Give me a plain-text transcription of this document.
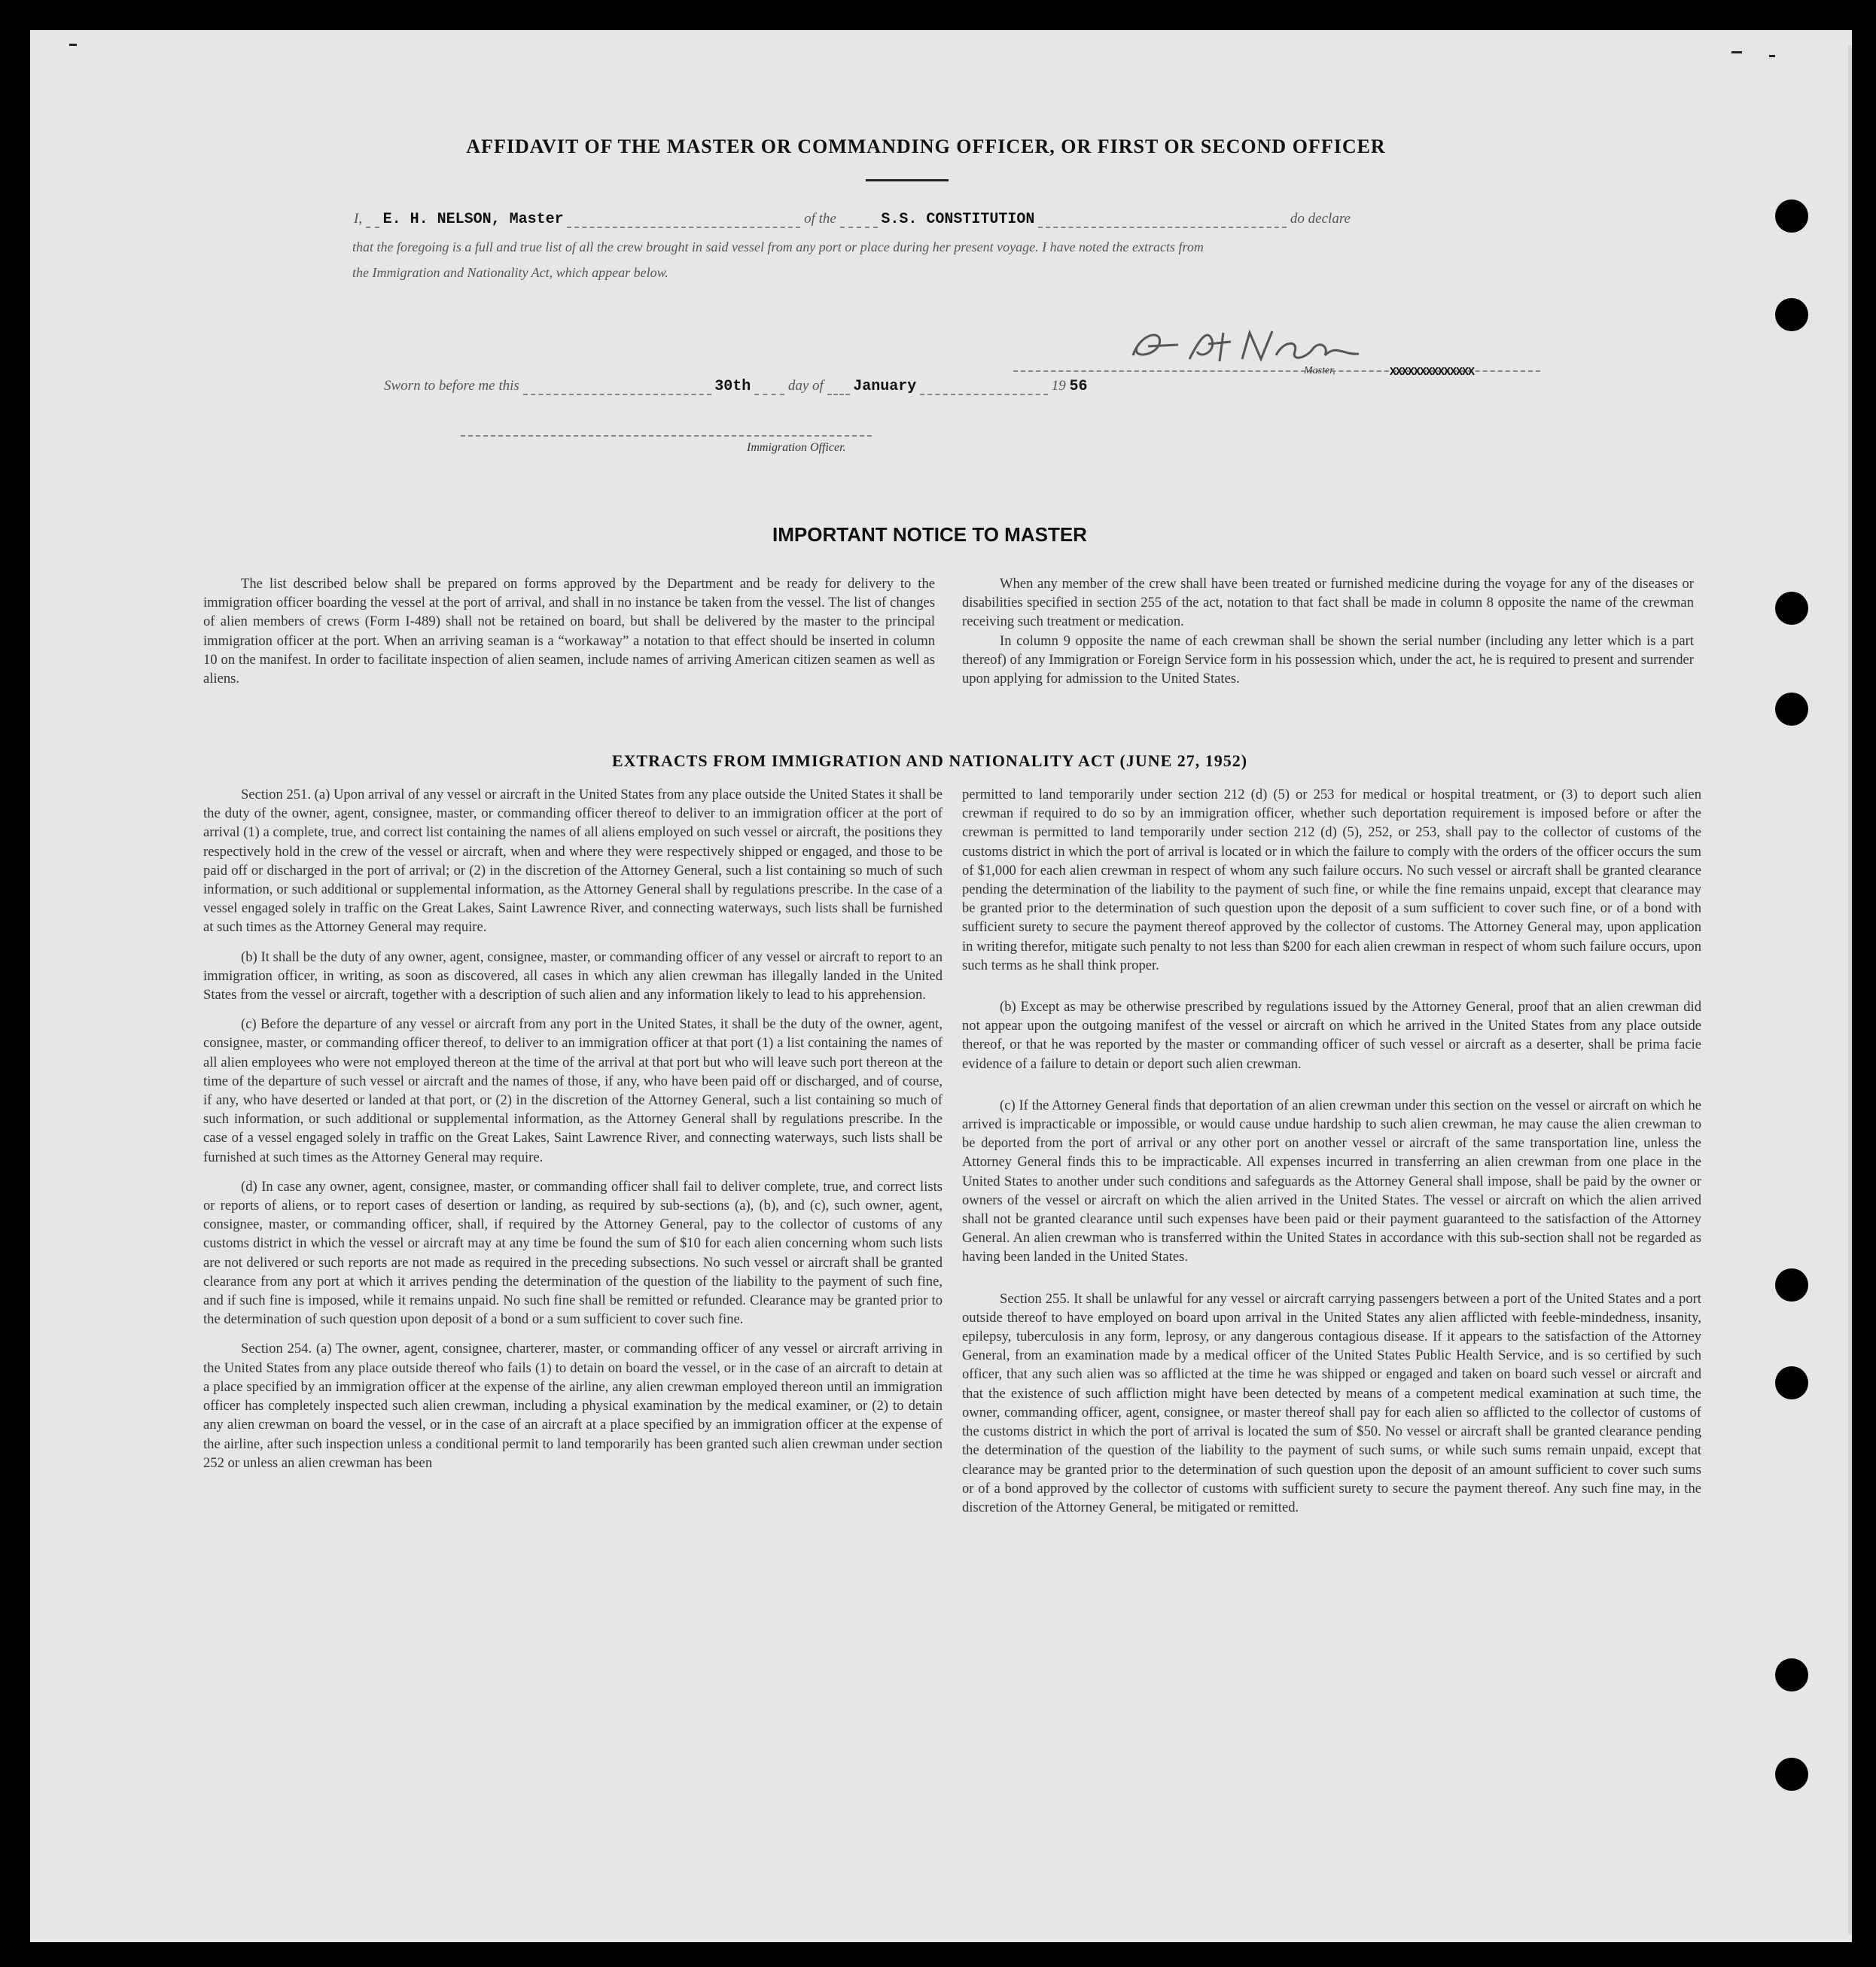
AFFIDAVIT OF THE MASTER OR COMMANDING OFFICER, OR FIRST OR SECOND OFFICER
I, E. H. NELSON, Master	of the	S.S. CONSTITUTION	do declare
that the foregoing is a full and true list of all the crew brought in said vessel from any port or place during her present voyage. I have noted the extracts from
the Immigration and Nationality Act, which appear below.
Master,	XXXXXXXXXXXXXX
Sworn to before me this	30th	day of January	19 56
Immigration Officer.
IMPORTANT NOTICE TO MASTER

The list described below shall be prepared on forms approved by the Department and be ready for delivery to the immigration officer boarding the vessel at the port of arrival, and shall in no instance be taken from the vessel. The list of changes of alien members of crews (Form I-489) shall not be retained on board, but shall be delivered by the master to the principal immigration officer at the port. When an arriving seaman is a “workaway” a notation to that effect should be inserted in column 10 on the manifest. In order to facilitate inspection of alien seamen, include names of arriving American citizen seamen as well as aliens.

When any member of the crew shall have been treated or furnished medicine during the voyage for any of the diseases or disabilities specified in section 255 of the act, notation to that fact shall be made in column 8 opposite the name of the crewman receiving such treatment or medication.

In column 9 opposite the name of each crewman shall be shown the serial number (including any letter which is a part thereof) of any Immigration or Foreign Service form in his possession which, under the act, he is required to present and surrender upon applying for admission to the United States.

EXTRACTS FROM IMMIGRATION AND NATIONALITY ACT (JUNE 27, 1952)

Section 251. (a) Upon arrival of any vessel or aircraft in the United States from any place outside the United States it shall be the duty of the owner, agent, consignee, master, or commanding officer thereof to deliver to an immigration officer at the port of arrival (1) a complete, true, and correct list containing the names of all aliens employed on such vessel or aircraft, the positions they respectively hold in the crew of the vessel or aircraft, when and where they were respectively shipped or engaged, and those to be paid off or discharged in the port of arrival; or (2) in the discretion of the Attorney General, such a list containing so much of such information, or such additional or supplemental information, as the Attorney General shall by regulations prescribe. In the case of a vessel engaged solely in traffic on the Great Lakes, Saint Lawrence River, and connecting waterways, such lists shall be furnished at such times as the Attorney General may require.

(b) It shall be the duty of any owner, agent, consignee, master, or commanding officer of any vessel or aircraft to report to an immigration officer, in writing, as soon as discovered, all cases in which any alien crewman has illegally landed in the United States from the vessel or aircraft, together with a description of such alien and any information likely to lead to his apprehension.

(c) Before the departure of any vessel or aircraft from any port in the United States, it shall be the duty of the owner, agent, consignee, master, or commanding officer thereof, to deliver to an immigration officer at that port (1) a list containing the names of all alien employees who were not employed thereon at the time of the arrival at that port but who will leave such port thereon at the time of the departure of such vessel or aircraft and the names of those, if any, who have been paid off or discharged, and of course, if any, who have deserted or landed at that port, or (2) in the discretion of the Attorney General, such a list containing so much of such information, or such additional or supplemental information, as the Attorney General shall by regulations prescribe. In the case of a vessel engaged solely in traffic on the Great Lakes, Saint Lawrence River, and connecting waterways, such lists shall be furnished at such times as the Attorney General may require.

(d) In case any owner, agent, consignee, master, or commanding officer shall fail to deliver complete, true, and correct lists or reports of aliens, or to report cases of desertion or landing, as required by sub-sections (a), (b), and (c), such owner, agent, consignee, master, or commanding officer, shall, if required by the Attorney General, pay to the collector of customs of any customs district in which the vessel or aircraft may at any time be found the sum of $10 for each alien concerning whom such lists are not delivered or such reports are not made as required in the preceding subsections. No such vessel or aircraft shall be granted clearance from any port at which it arrives pending the determination of the question of the liability to the payment of such fine, and if such fine is imposed, while it remains unpaid. No such fine shall be remitted or refunded. Clearance may be granted prior to the determination of such question upon deposit of a bond or a sum sufficient to cover such fine.

Section 254. (a) The owner, agent, consignee, charterer, master, or commanding officer of any vessel or aircraft arriving in the United States from any place outside thereof who fails (1) to detain on board the vessel, or in the case of an aircraft to detain at a place specified by an immigration officer at the expense of the airline, any alien crewman employed thereon until an immigration officer has completely inspected such alien crewman, including a physical examination by the medical examiner, or (2) to detain any alien crewman on board the vessel, or in the case of an aircraft at a place specified by an immigration officer at the expense of the airline, after such inspection unless a conditional permit to land temporarily has been granted such alien crewman under section 252 or unless an alien crewman has been

permitted to land temporarily under section 212 (d) (5) or 253 for medical or hospital treatment, or (3) to deport such alien crewman if required to do so by an immigration officer, whether such deportation requirement is imposed before or after the crewman is permitted to land temporarily under section 212 (d) (5), 252, or 253, shall pay to the collector of customs of the customs district in which the port of arrival is located or in which the failure to comply with the orders of the officer occurs the sum of $1,000 for each alien crewman in respect of whom any such failure occurs. No such vessel or aircraft shall be granted clearance pending the determination of the liability to the payment of such fine, or while the fine remains unpaid, except that clearance may be granted prior to the determination of such question upon the deposit of a sum sufficient to cover such fine, or of a bond with sufficient surety to secure the payment thereof approved by the collector of customs. The Attorney General may, upon application in writing therefor, mitigate such penalty to not less than $200 for each alien crewman in respect of whom such failure occurs, upon such terms as he shall think proper.

(b) Except as may be otherwise prescribed by regulations issued by the Attorney General, proof that an alien crewman did not appear upon the outgoing manifest of the vessel or aircraft on which he arrived in the United States from any place outside thereof, or that he was reported by the master or commanding officer of such vessel or aircraft as a deserter, shall be prima facie evidence of a failure to detain or deport such alien crewman.

(c) If the Attorney General finds that deportation of an alien crewman under this section on the vessel or aircraft on which he arrived is impracticable or impossible, or would cause undue hardship to such alien crewman, he may cause the alien crewman to be deported from the port of arrival or any other port on another vessel or aircraft of the same transportation line, unless the Attorney General finds this to be impracticable. All expenses incurred in transferring an alien crewman from one place in the United States to another under such conditions and safeguards as the Attorney General shall impose, shall be paid by the owner or owners of the vessel or aircraft on which the alien arrived in the United States. The vessel or aircraft on which the alien arrived shall not be granted clearance until such expenses have been paid or their payment guaranteed to the satisfaction of the Attorney General. An alien crewman who is transferred within the United States in accordance with this sub-section shall not be regarded as having been landed in the United States.

Section 255. It shall be unlawful for any vessel or aircraft carrying passengers between a port of the United States and a port outside thereof to have employed on board upon arrival in the United States any alien afflicted with feeble-mindedness, insanity, epilepsy, tuberculosis in any form, leprosy, or any dangerous contagious disease. If it appears to the satisfaction of the Attorney General, from an examination made by a medical officer of the United States Public Health Service, and is so certified by such officer, that any such alien was so afflicted at the time he was shipped or engaged and taken on board such vessel or aircraft and that the existence of such affliction might have been detected by means of a competent medical examination at such time, the owner, commanding officer, agent, consignee, or master thereof shall pay for each alien so afflicted to the collector of customs of the customs district in which the port of arrival is located the sum of $50. No vessel or aircraft shall be granted clearance pending the determination of the question of the liability to the payment of such sums, or while such sums remain unpaid, except that clearance may be granted prior to the determination of such question upon the deposit of an amount sufficient to cover such sums or of a bond approved by the collector of customs with sufficient surety to secure the payment thereof. Any such fine may, in the discretion of the Attorney General, be mitigated or remitted.
